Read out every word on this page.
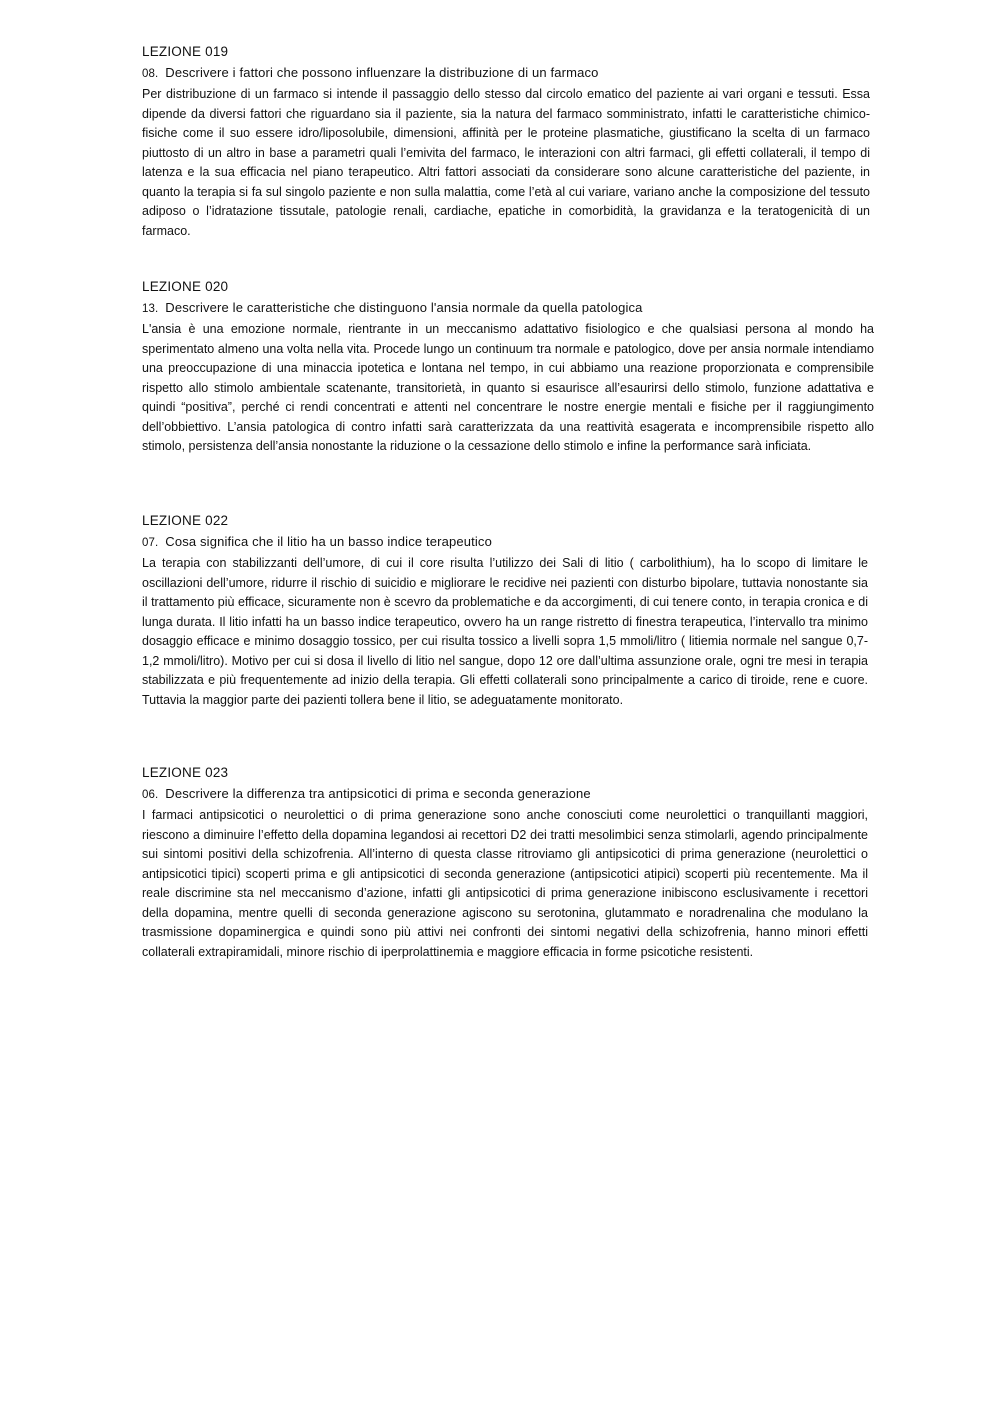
LEZIONE 019
08. Descrivere i fattori che possono influenzare la distribuzione di un farmaco

Per distribuzione di un farmaco si intende il passaggio dello stesso dal circolo ematico del paziente ai vari organi e tessuti. Essa dipende da diversi fattori che riguardano sia il paziente, sia la natura del farmaco somministrato, infatti le caratteristiche chimico-fisiche come il suo essere idro/liposolubile, dimensioni, affinità per le proteine plasmatiche, giustificano la scelta di un farmaco piuttosto di un altro in base a parametri quali l’emivita del farmaco, le interazioni con altri farmaci, gli effetti collaterali, il tempo di latenza e la sua efficacia nel piano terapeutico. Altri fattori associati da considerare sono alcune caratteristiche del paziente, in quanto la terapia si fa sul singolo paziente e non sulla malattia, come l’età al cui variare, variano anche la composizione del tessuto adiposo o l’idratazione tissutale, patologie renali, cardiache, epatiche in comorbidità, la gravidanza e la teratogenicità di un farmaco.

LEZIONE 020
13. Descrivere le caratteristiche che distinguono l'ansia normale da quella patologica

L'ansia è una emozione normale, rientrante in un meccanismo adattativo fisiologico e che qualsiasi persona al mondo ha sperimentato almeno una volta nella vita. Procede lungo un continuum tra normale e patologico, dove per ansia normale intendiamo una preoccupazione di una minaccia ipotetica e lontana nel tempo, in cui abbiamo una reazione proporzionata e comprensibile rispetto allo stimolo ambientale scatenante, transitorietà, in quanto si esaurisce all’esaurirsi dello stimolo, funzione adattativa e quindi “positiva”, perché ci rendi concentrati e attenti nel concentrare le nostre energie mentali e fisiche per il raggiungimento dell’obbiettivo. L’ansia patologica di contro infatti sarà caratterizzata da una reattività esagerata e incomprensibile rispetto allo stimolo, persistenza dell’ansia nonostante la riduzione o la cessazione dello stimolo e infine la performance sarà inficiata.

LEZIONE 022
07. Cosa significa che il litio ha un basso indice terapeutico

La terapia con stabilizzanti dell’umore, di cui il core risulta l’utilizzo dei Sali di litio ( carbolithium), ha lo scopo di limitare le oscillazioni dell’umore, ridurre il rischio di suicidio e migliorare le recidive nei pazienti con disturbo bipolare, tuttavia nonostante sia il trattamento più efficace, sicuramente non è scevro da problematiche e da accorgimenti, di cui tenere conto, in terapia cronica e di lunga durata. Il litio infatti ha un basso indice terapeutico, ovvero ha un range ristretto di finestra terapeutica, l’intervallo tra minimo dosaggio efficace e minimo dosaggio tossico, per cui risulta tossico a livelli sopra 1,5 mmoli/litro ( litiemia normale nel sangue 0,7-1,2 mmoli/litro). Motivo per cui si dosa il livello di litio nel sangue, dopo 12 ore dall’ultima assunzione orale, ogni tre mesi in terapia stabilizzata e più frequentemente ad inizio della terapia. Gli effetti collaterali sono principalmente a carico di tiroide, rene e cuore. Tuttavia la maggior parte dei pazienti tollera bene il litio, se adeguatamente monitorato.

LEZIONE 023
06. Descrivere la differenza tra antipsicotici di prima e seconda generazione

I farmaci antipsicotici o neurolettici o di prima generazione sono anche conosciuti come neurolettici o tranquillanti maggiori, riescono a diminuire l’effetto della dopamina legandosi ai recettori D2 dei tratti mesolimbici senza stimolarli, agendo principalmente sui sintomi positivi della schizofrenia. All’interno di questa classe ritroviamo gli antipsicotici di prima generazione (neurolettici o antipsicotici tipici) scoperti prima e gli antipsicotici di seconda generazione (antipsicotici atipici) scoperti più recentemente. Ma il reale discrimine sta nel meccanismo d’azione, infatti gli antipsicotici di prima generazione inibiscono esclusivamente i recettori della dopamina, mentre quelli di seconda generazione agiscono su serotonina, glutammato e noradrenalina che modulano la trasmissione dopaminergica e quindi sono più attivi nei confronti dei sintomi negativi della schizofrenia, hanno minori effetti collaterali extrapiramidali, minore rischio di iperprolattinemia e maggiore efficacia in forme psicotiche resistenti.
